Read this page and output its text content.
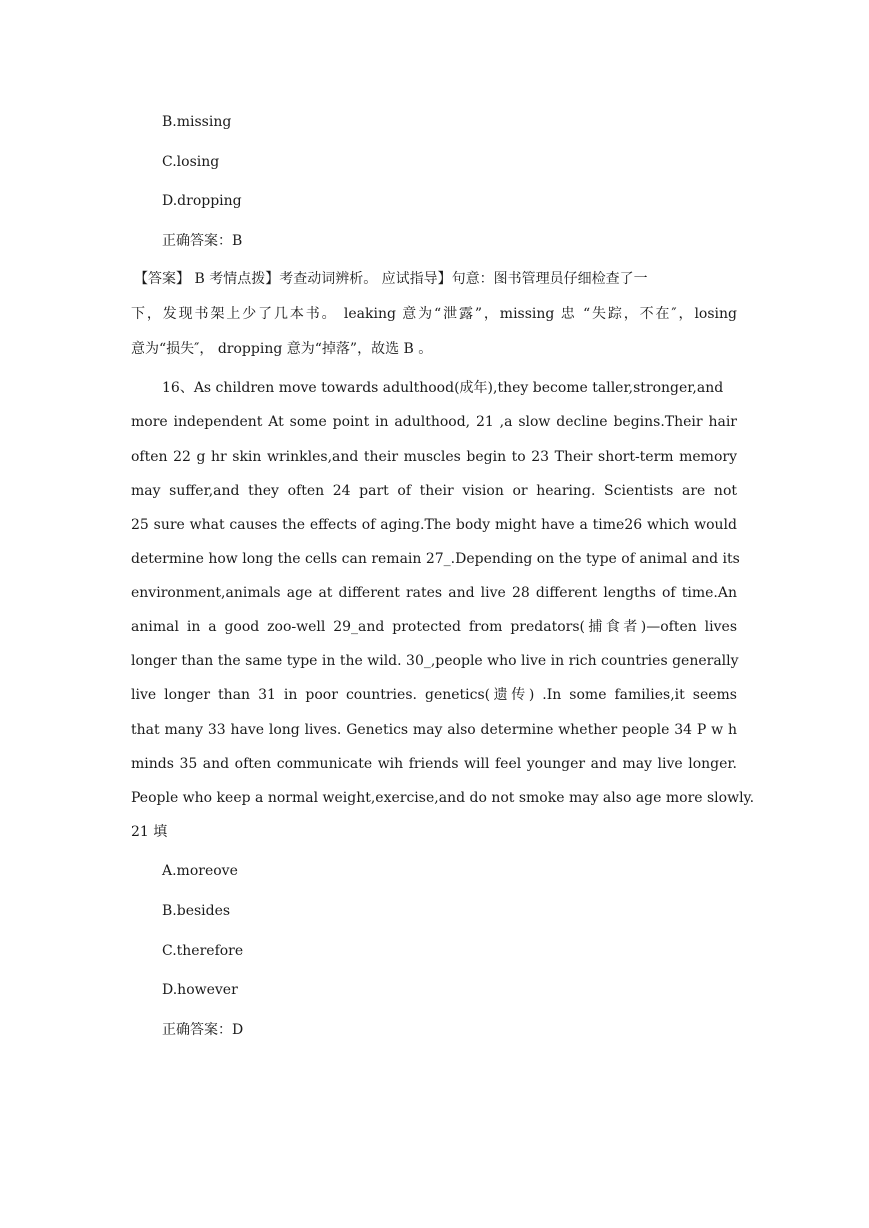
B.missing
C.losing
D.dropping
正确答案：B
【答案】 B 考情点拨】考查动词辨析。 应试指导】句意：图书管理员仔细检查了一
下，发现书架上少了几本书。 leaking 意为“泄露”，missing 忠 “失踪，不在″，losing
意为“损失″， dropping 意为“掉落”，故选 B 。
16、As children move towards adulthood(成年),they become taller,stronger,and
more independent At some point in adulthood, 21 ,a slow decline begins.Their hair
often 22 g hr skin wrinkles,and their muscles begin to 23 Their short-term memory
may suffer,and they often 24 part of their vision or hearing. Scientists are not
25 sure what causes the effects of aging.The body might have a time26 which would
determine how long the cells can remain 27_.Depending on the type of animal and its
environment,animals age at different rates and live 28 different lengths of time.An
animal in a good zoo-well 29_and protected from predators(捕食者)—often lives
longer than the same type in the wild. 30_,people who live in rich countries generally
live longer than 31 in poor countries. genetics(遗传) .In some families,it seems
that many 33 have long lives. Genetics may also determine whether people 34 P w h
minds 35 and often communicate wih friends will feel younger and may live longer.
People who keep a normal weight,exercise,and do not smoke may also age more slowly.
21 填
A.moreove
B.besides
C.therefore
D.however
正确答案：D
